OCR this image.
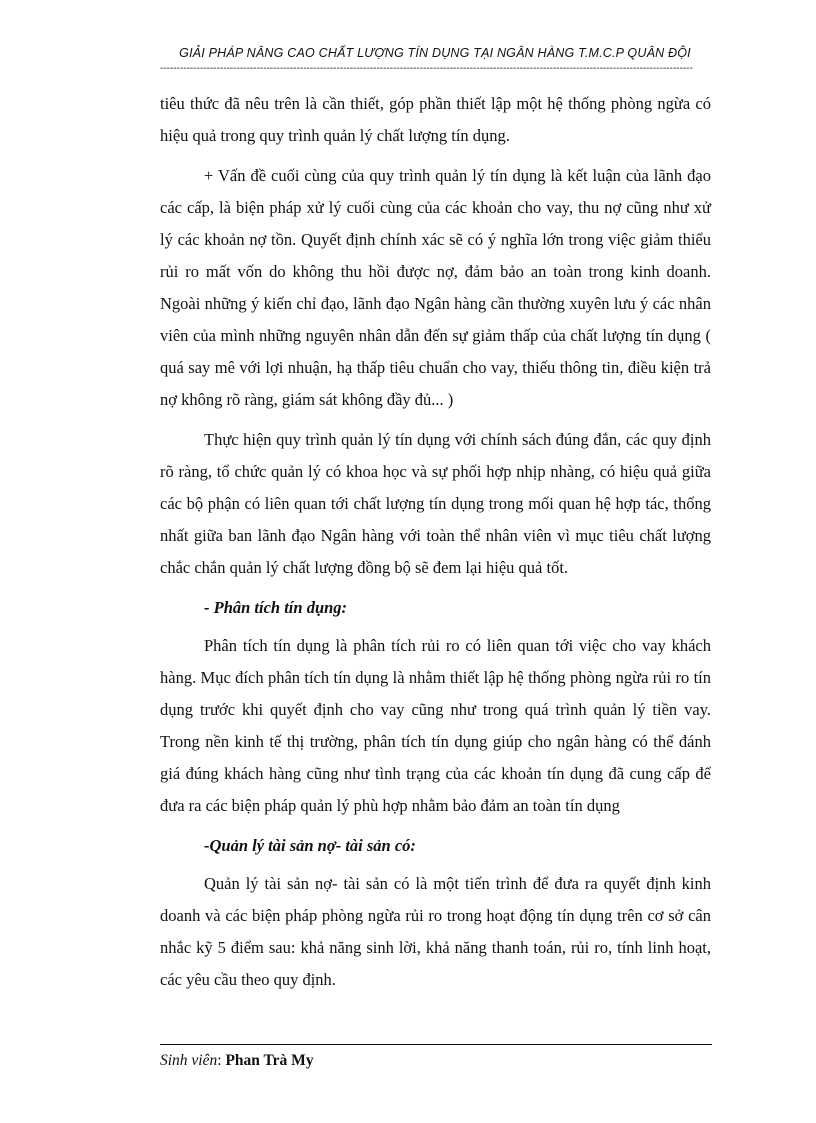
GIẢI PHÁP NÂNG CAO CHẤT LƯỢNG TÍN DỤNG TẠI NGÂN HÀNG T.M.C.P QUÂN ĐỘI
----------------------------------------------------------------------------------------------------------------------------------------------------------------

tiêu thức đã nêu trên là cần thiết, góp phần thiết lập một hệ thống phòng ngừa có hiệu quả trong quy trình quản lý chất lượng tín dụng.

+ Vấn đề cuối cùng của quy trình quản lý tín dụng là kết luận của lãnh đạo các cấp, là biện pháp xử lý cuối cùng của các khoản cho vay, thu nợ cũng như xử lý các khoản nợ tồn. Quyết định chính xác sẽ có ý nghĩa lớn trong việc giảm thiểu rủi ro mất vốn do không thu hồi được nợ, đảm bảo an toàn trong kinh doanh. Ngoài những ý kiến chỉ đạo, lãnh đạo Ngân hàng cần thường xuyên lưu ý các nhân viên của mình những nguyên nhân dẫn đến sự giảm thấp của chất lượng tín dụng ( quá say mê với lợi nhuận, hạ thấp tiêu chuẩn cho vay, thiếu thông tin, điều kiện trả nợ không rõ ràng, giám sát không đầy đủ... )

Thực hiện quy trình quản lý tín dụng với chính sách đúng đắn, các quy định rõ ràng, tổ chức quản lý có khoa học và sự phối hợp nhịp nhàng, có hiệu quả giữa các bộ phận có liên quan tới chất lượng tín dụng trong mối quan hệ hợp tác, thống nhất giữa ban lãnh đạo Ngân hàng với toàn thể nhân viên vì mục tiêu chất lượng chắc chắn quản lý chất lượng đồng bộ sẽ đem lại hiệu quả tốt.

- Phân tích tín dụng:

Phân tích tín dụng là phân tích rủi ro có liên quan tới việc cho vay khách hàng. Mục đích phân tích tín dụng là nhằm thiết lập hệ thống phòng ngừa rủi ro tín dụng trước khi quyết định cho vay cũng như trong quá trình quản lý tiền vay. Trong nền kinh tế thị trường, phân tích tín dụng giúp cho ngân hàng có thể đánh giá đúng khách hàng cũng như tình trạng của các khoản tín dụng đã cung cấp để đưa ra các biện pháp quản lý phù hợp nhằm bảo đảm an toàn tín dụng

-Quản lý tài sản nợ- tài sản có:

Quản lý tài sản nợ- tài sản có là một tiến trình để đưa ra quyết định kinh doanh và các biện pháp phòng ngừa rủi ro trong hoạt động tín dụng trên cơ sở cân nhắc kỹ 5 điểm sau: khả năng sinh lời, khả năng thanh toán, rủi ro, tính linh hoạt, các yêu cầu theo quy định.

Sinh viên: Phan Trà My
